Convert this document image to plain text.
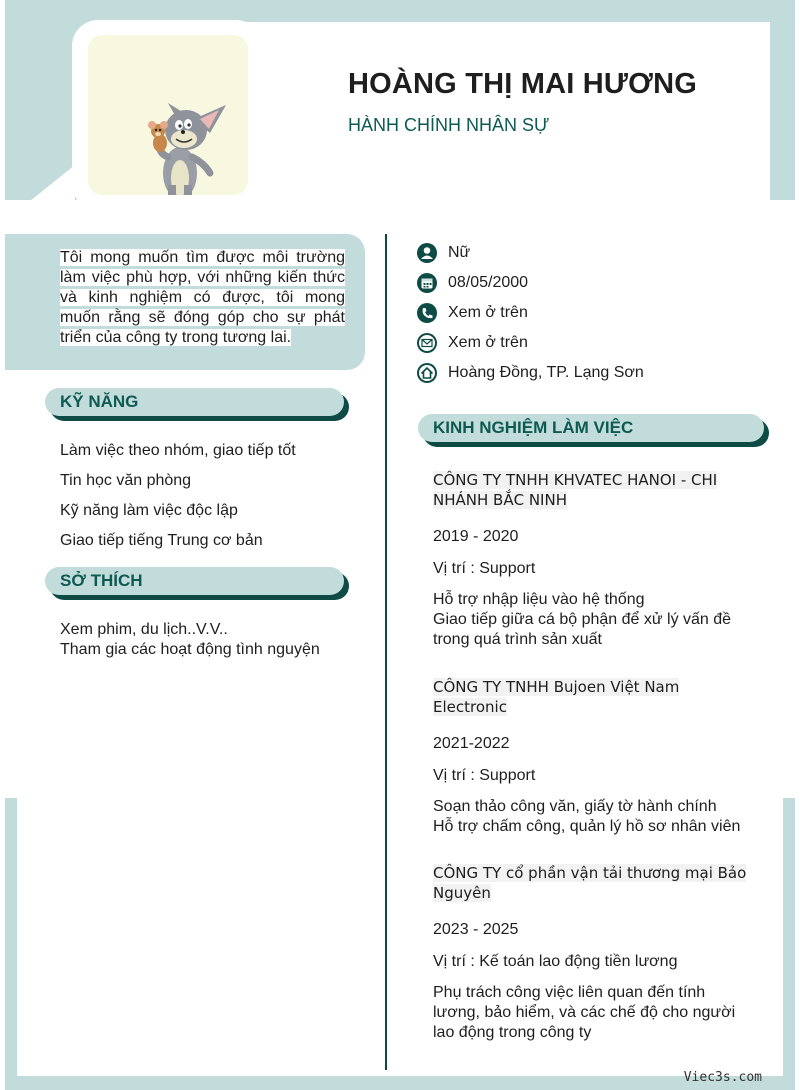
HOÀNG THỊ MAI HƯƠNG
HÀNH CHÍNH NHÂN SỰ
Tôi mong muốn tìm được môi trường làm việc phù hợp, với những kiến thức và kinh nghiệm có được, tôi mong muốn rằng sẽ đóng góp cho sự phát triển của công ty trong tương lai.
Nữ
08/05/2000
Xem ở trên
Xem ở trên
Hoàng Đồng, TP. Lạng Sơn
KỸ NĂNG
Làm việc theo nhóm, giao tiếp tốt
Tin học văn phòng
Kỹ năng làm việc độc lập
Giao tiếp tiếng Trung cơ bản
SỞ THÍCH
Xem phim, du lịch..V.V..
Tham gia các hoạt động tình nguyện
KINH NGHIỆM LÀM VIỆC
CÔNG TY TNHH KHVATEC HANOI - CHI NHÁNH BẮC NINH
2019 - 2020
Vị trí : Support
Hỗ trợ nhập liệu vào hệ thống
Giao tiếp giữa cá bộ phận để xử lý vấn đề trong quá trình sản xuất
CÔNG TY TNHH Bujoen Việt Nam Electronic
2021-2022
Vị trí : Support
Soạn thảo công văn, giấy tờ hành chính
Hỗ trợ chấm công, quản lý hồ sơ nhân viên
CÔNG TY cổ phần vận tải thương mại Bảo Nguyên
2023 - 2025
Vị trí : Kế toán lao động tiền lương
Phụ trách công việc liên quan đến tính lương, bảo hiểm, và các chế độ cho người lao động trong công ty
Viec3s.com
